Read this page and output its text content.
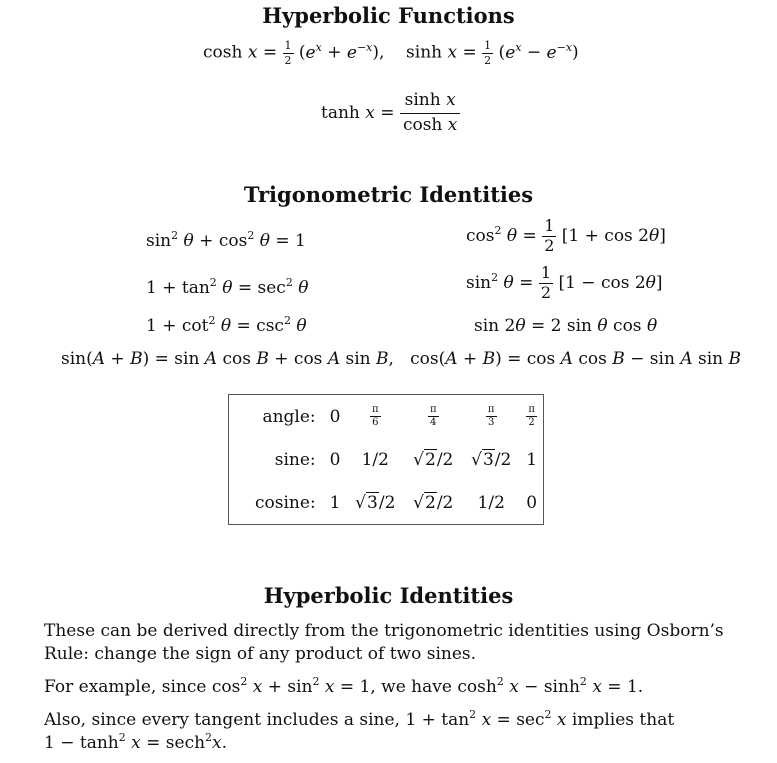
Hyperbolic Functions
$\cosh x = \frac{1}{2} (e^x + e^{-x})$,    $\sinh x = \frac{1}{2} (e^x - e^{-x})$
$\tanh x = \frac{\text{sinh x}}{\text{cosh x}}$
Trigonometric Identities
$\sin^2 \theta + \cos^2 \theta = 1$	$\cos^2 \theta = \frac{1}{2} [1 + \cos 2\theta]$
$1 + \tan^2 \theta = \sec^2 \theta$	$\sin^2 \theta = \frac{1}{2} [1 - \cos 2\theta]$
$1 + \cot^2 \theta = \csc^2 \theta$	sin 2θ = 2 sin θ cos θ
sin(A + B) = sin A cos B + cos A sin B,   cos(A + B) = cos A cos B − sin A sin B
angle:	0	$\frac{\pi}{6}$	$\frac{\pi}{4}$	$\frac{\pi}{3}$	$\frac{\pi}{2}$

sine:	0	1/2	√2/2	√3/2	1
cosine:	1	√3/2	√2/2	1/2	0
Hyperbolic Identities
These can be derived directly from the trigonometric identities using Osborn’s Rule: change the sign of any product of two sines.
For example, since $\cos^2 x + \sin^2 x = 1$, we have $\cosh^2 x - \sinh^2 x = 1$.
Also, since every tangent includes a sine, $1 + \tan^2 x = \sec^2 x$ implies that
$1 - \tanh^2 x = \sec h^2x$.
